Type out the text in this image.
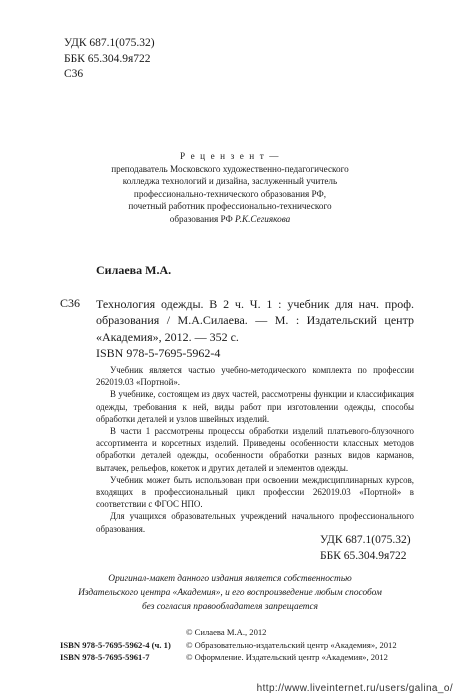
УДК 687.1(075.32)
ББК 65.304.9я722
С36
Р е ц е н з е н т —
преподаватель Московского художественно-педагогического
колледжа технологий и дизайна, заслуженный учитель
профессионально-технического образования РФ,
почетный работник профессионально-технического
образования РФ Р.К.Сегиякова
Силаева М.А.
С36 Технология одежды. В 2 ч. Ч. 1 : учебник для нач. проф. образования / М.А.Силаева. — М. : Издательский центр «Академия», 2012. — 352 с.
ISBN 978-5-7695-5962-4

Учебник является частью учебно-методического комплекта по профессии 262019.03 «Портной».

В учебнике, состоящем из двух частей, рассмотрены функции и классификация одежды, требования к ней, виды работ при изготовлении одежды, способы обработки деталей и узлов швейных изделий.

В части 1 рассмотрены процессы обработки изделий платьевого-блузочного ассортимента и корсетных изделий. Приведены особенности классных методов обработки деталей одежды, особенности обработки разных видов карманов, вытачек, рельефов, кокеток и других деталей и элементов одежды.

Учебник может быть использован при освоении междисциплинарных курсов, входящих в профессиональный цикл профессии 262019.03 «Портной» в соответствии с ФГОС НПО.

Для учащихся образовательных учреждений начального профессионального образования.

УДК 687.1(075.32)
ББК 65.304.9я722
Оригинал-макет данного издания является собственностью
Издательского центра «Академия», и его воспроизведение любым способом
без согласия правообладателя запрещается
© Силаева М.А., 2012
ISBN 978-5-7695-5962-4 (ч. 1)	© Образовательно-издательский центр «Академия», 2012
ISBN 978-5-7695-5961-7	© Оформление. Издательский центр «Академия», 2012
http://www.liveinternet.ru/users/galina_o/
